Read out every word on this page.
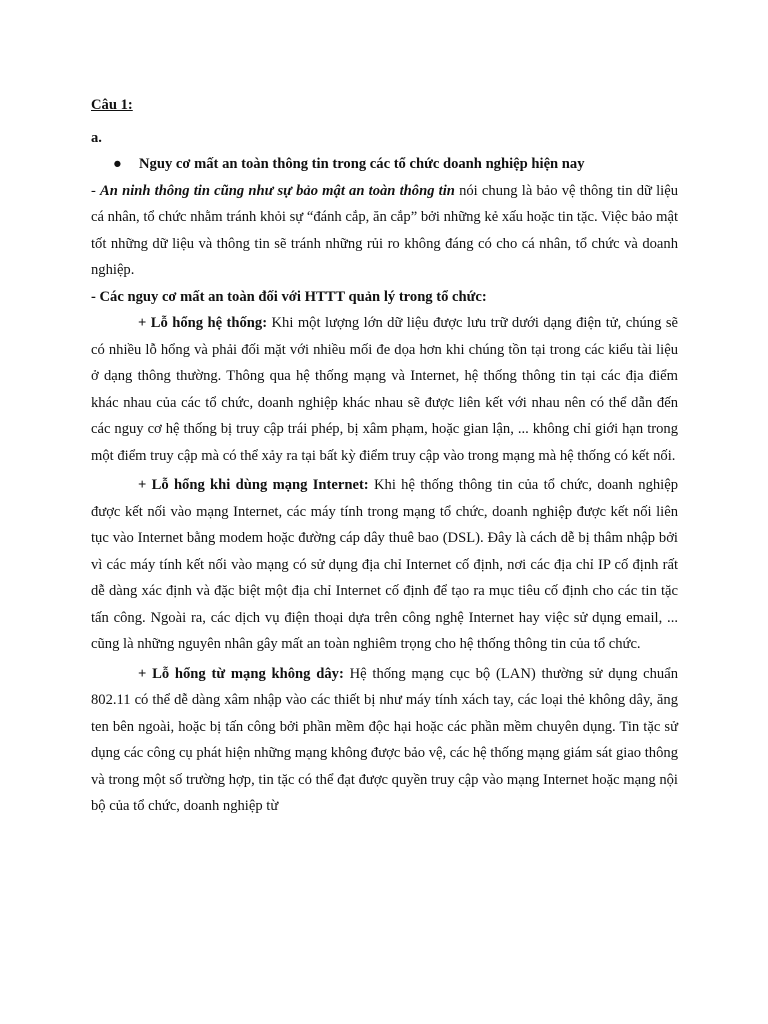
Câu 1:

a.

● Nguy cơ mất an toàn thông tin trong các tổ chức doanh nghiệp hiện nay

- An ninh thông tin cũng như sự bảo mật an toàn thông tin nói chung là bảo vệ thông tin dữ liệu cá nhân, tổ chức nhằm tránh khỏi sự “đánh cắp, ăn cắp” bởi những kẻ xấu hoặc tin tặc. Việc bảo mật tốt những dữ liệu và thông tin sẽ tránh những rủi ro không đáng có cho cá nhân, tổ chức và doanh nghiệp.

- Các nguy cơ mất an toàn đối với HTTT quản lý trong tổ chức:

+ Lỗ hổng hệ thống: Khi một lượng lớn dữ liệu được lưu trữ dưới dạng điện tử, chúng sẽ có nhiều lỗ hổng và phải đối mặt với nhiều mối đe dọa hơn khi chúng tồn tại trong các kiểu tài liệu ở dạng thông thường. Thông qua hệ thống mạng và Internet, hệ thống thông tin tại các địa điểm khác nhau của các tổ chức, doanh nghiệp khác nhau sẽ được liên kết với nhau nên có thể dẫn đến các nguy cơ hệ thống bị truy cập trái phép, bị xâm phạm, hoặc gian lận, ... không chỉ giới hạn trong một điểm truy cập mà có thể xảy ra tại bất kỳ điểm truy cập vào trong mạng mà hệ thống có kết nối.

+ Lỗ hổng khi dùng mạng Internet: Khi hệ thống thông tin của tổ chức, doanh nghiệp được kết nối vào mạng Internet, các máy tính trong mạng tổ chức, doanh nghiệp được kết nối liên tục vào Internet bằng modem hoặc đường cáp dây thuê bao (DSL). Đây là cách dễ bị thâm nhập bởi vì các máy tính kết nối vào mạng có sử dụng địa chỉ Internet cố định, nơi các địa chỉ IP cố định rất dễ dàng xác định và đặc biệt một địa chỉ Internet cố định để tạo ra mục tiêu cố định cho các tin tặc tấn công. Ngoài ra, các dịch vụ điện thoại dựa trên công nghệ Internet hay việc sử dụng email, ... cũng là những nguyên nhân gây mất an toàn nghiêm trọng cho hệ thống thông tin của tổ chức.

+ Lỗ hổng từ mạng không dây: Hệ thống mạng cục bộ (LAN) thường sử dụng chuẩn 802.11 có thể dễ dàng xâm nhập vào các thiết bị như máy tính xách tay, các loại thẻ không dây, ăng ten bên ngoài, hoặc bị tấn công bởi phần mềm độc hại hoặc các phần mềm chuyên dụng. Tin tặc sử dụng các công cụ phát hiện những mạng không được bảo vệ, các hệ thống mạng giám sát giao thông và trong một số trường hợp, tin tặc có thể đạt được quyền truy cập vào mạng Internet hoặc mạng nội bộ của tổ chức, doanh nghiệp từ
